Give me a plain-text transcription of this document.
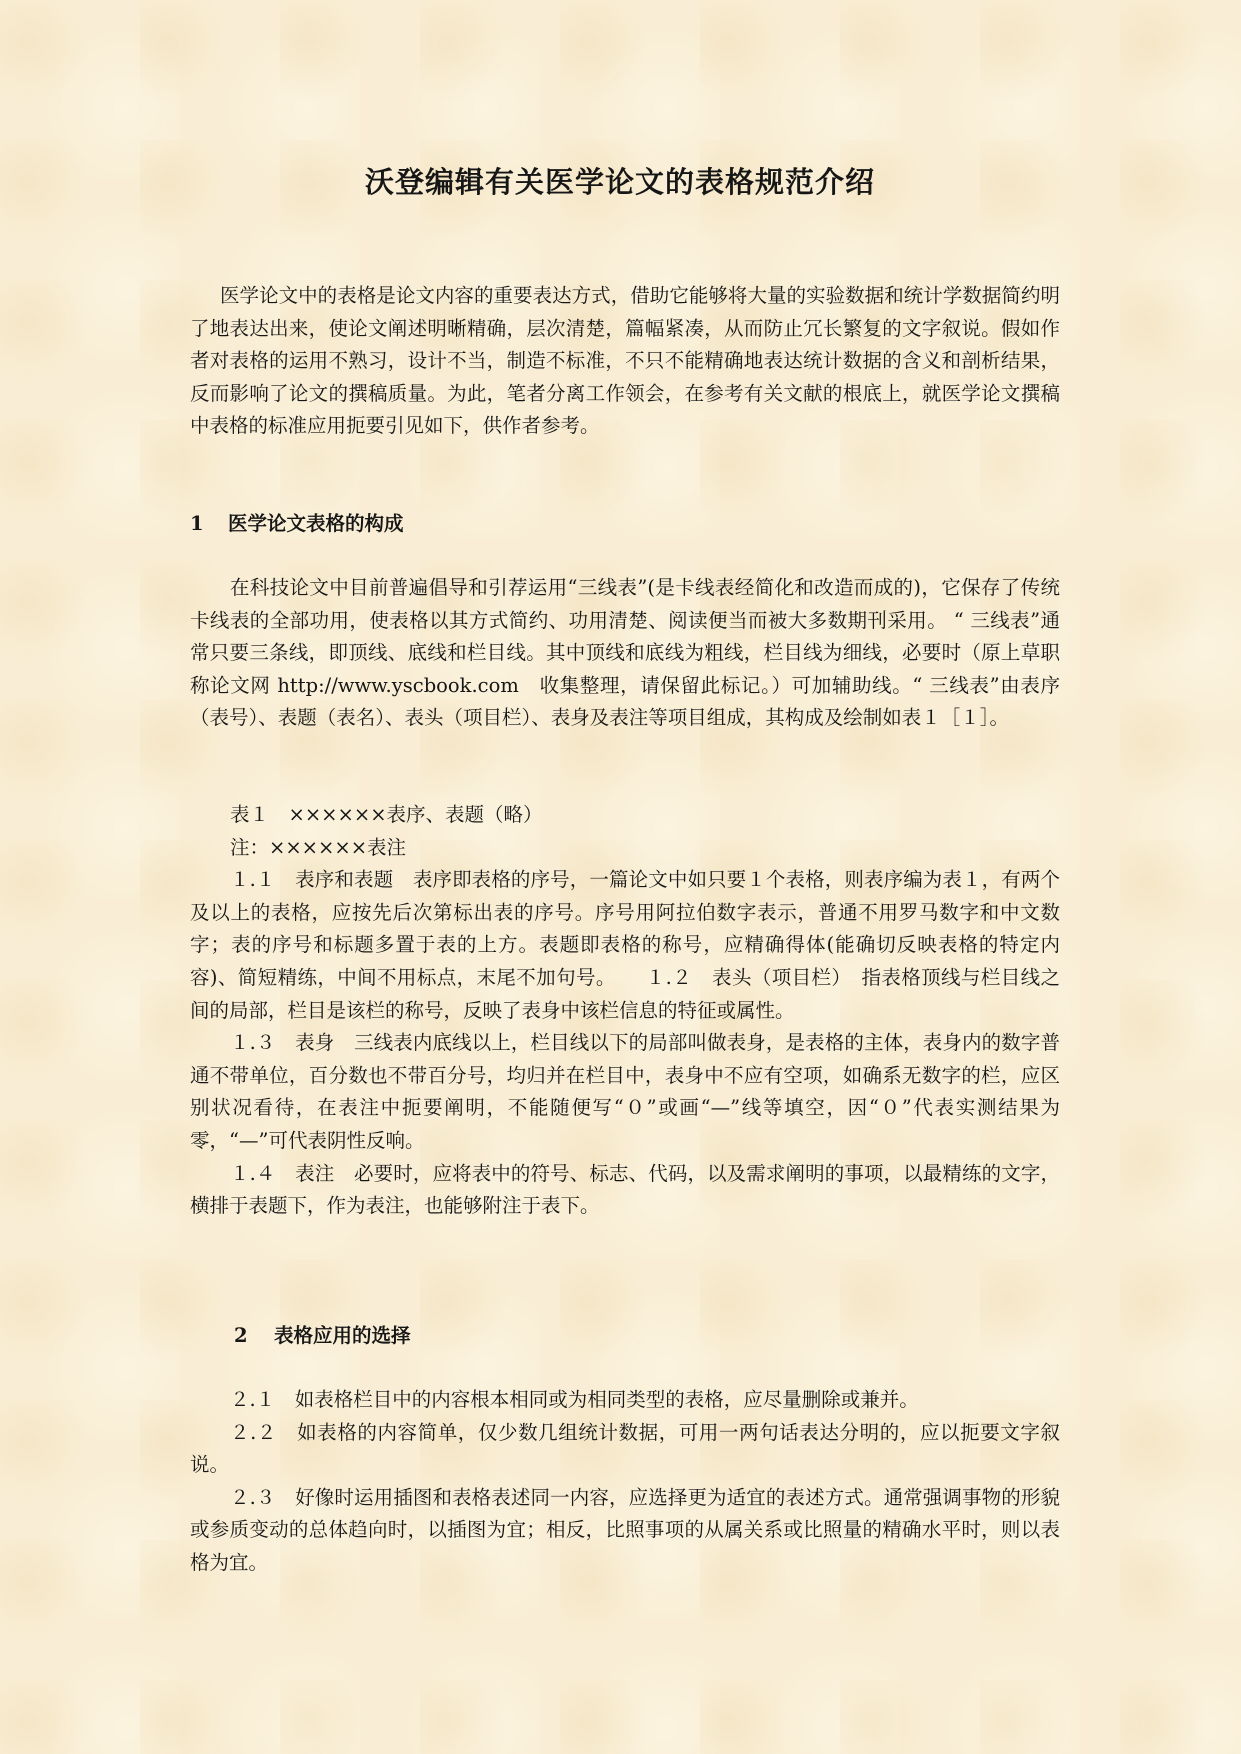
沃登编辑有关医学论文的表格规范介绍

医学论文中的表格是论文内容的重要表达方式，借助它能够将大量的实验数据和统计学数据简约明了地表达出来，使论文阐述明晰精确，层次清楚，篇幅紧凑，从而防止冗长繁复的文字叙说。假如作者对表格的运用不熟习，设计不当，制造不标准，不只不能精确地表达统计数据的含义和剖析结果，反而影响了论文的撰稿质量。为此，笔者分离工作领会，在参考有关文献的根底上，就医学论文撰稿中表格的标准应用扼要引见如下，供作者参考。

1 医学论文表格的构成

在科技论文中目前普遍倡导和引荐运用“三线表”(是卡线表经简化和改造而成的)，它保存了传统卡线表的全部功用，使表格以其方式简约、功用清楚、阅读便当而被大多数期刊采用。 “ 三线表”通常只要三条线，即顶线、底线和栏目线。其中顶线和底线为粗线，栏目线为细线，必要时（原上草职称论文网 http://www.yscbook.com　收集整理，请保留此标记。）可加辅助线。“ 三线表”由表序（表号）、表题（表名）、表头（项目栏）、表身及表注等项目组成，其构成及绘制如表１［１］。

表１　××××××表序、表题（略）

注：××××××表注

１.１　表序和表题　表序即表格的序号，一篇论文中如只要１个表格，则表序编为表１，有两个及以上的表格，应按先后次第标出表的序号。序号用阿拉伯数字表示，普通不用罗马数字和中文数字；表的序号和标题多置于表的上方。表题即表格的称号，应精确得体(能确切反映表格的特定内容)、简短精练，中间不用标点，末尾不加句号。　　１.２　表头（项目栏）　指表格顶线与栏目线之间的局部，栏目是该栏的称号，反映了表身中该栏信息的特征或属性。

１.３　表身　三线表内底线以上，栏目线以下的局部叫做表身，是表格的主体，表身内的数字普通不带单位，百分数也不带百分号，均归并在栏目中，表身中不应有空项，如确系无数字的栏，应区别状况看待，在表注中扼要阐明，不能随便写“０”或画“—”线等填空，因“０”代表实测结果为零，“—”可代表阴性反响。

１.４　表注　必要时，应将表中的符号、标志、代码，以及需求阐明的事项，以最精练的文字，横排于表题下，作为表注，也能够附注于表下。

2 表格应用的选择

２.１　如表格栏目中的内容根本相同或为相同类型的表格，应尽量删除或兼并。

２.２　如表格的内容简单，仅少数几组统计数据，可用一两句话表达分明的，应以扼要文字叙说。

２.３　好像时运用插图和表格表述同一内容，应选择更为适宜的表述方式。通常强调事物的形貌或参质变动的总体趋向时，以插图为宜；相反，比照事项的从属关系或比照量的精确水平时，则以表格为宜。
